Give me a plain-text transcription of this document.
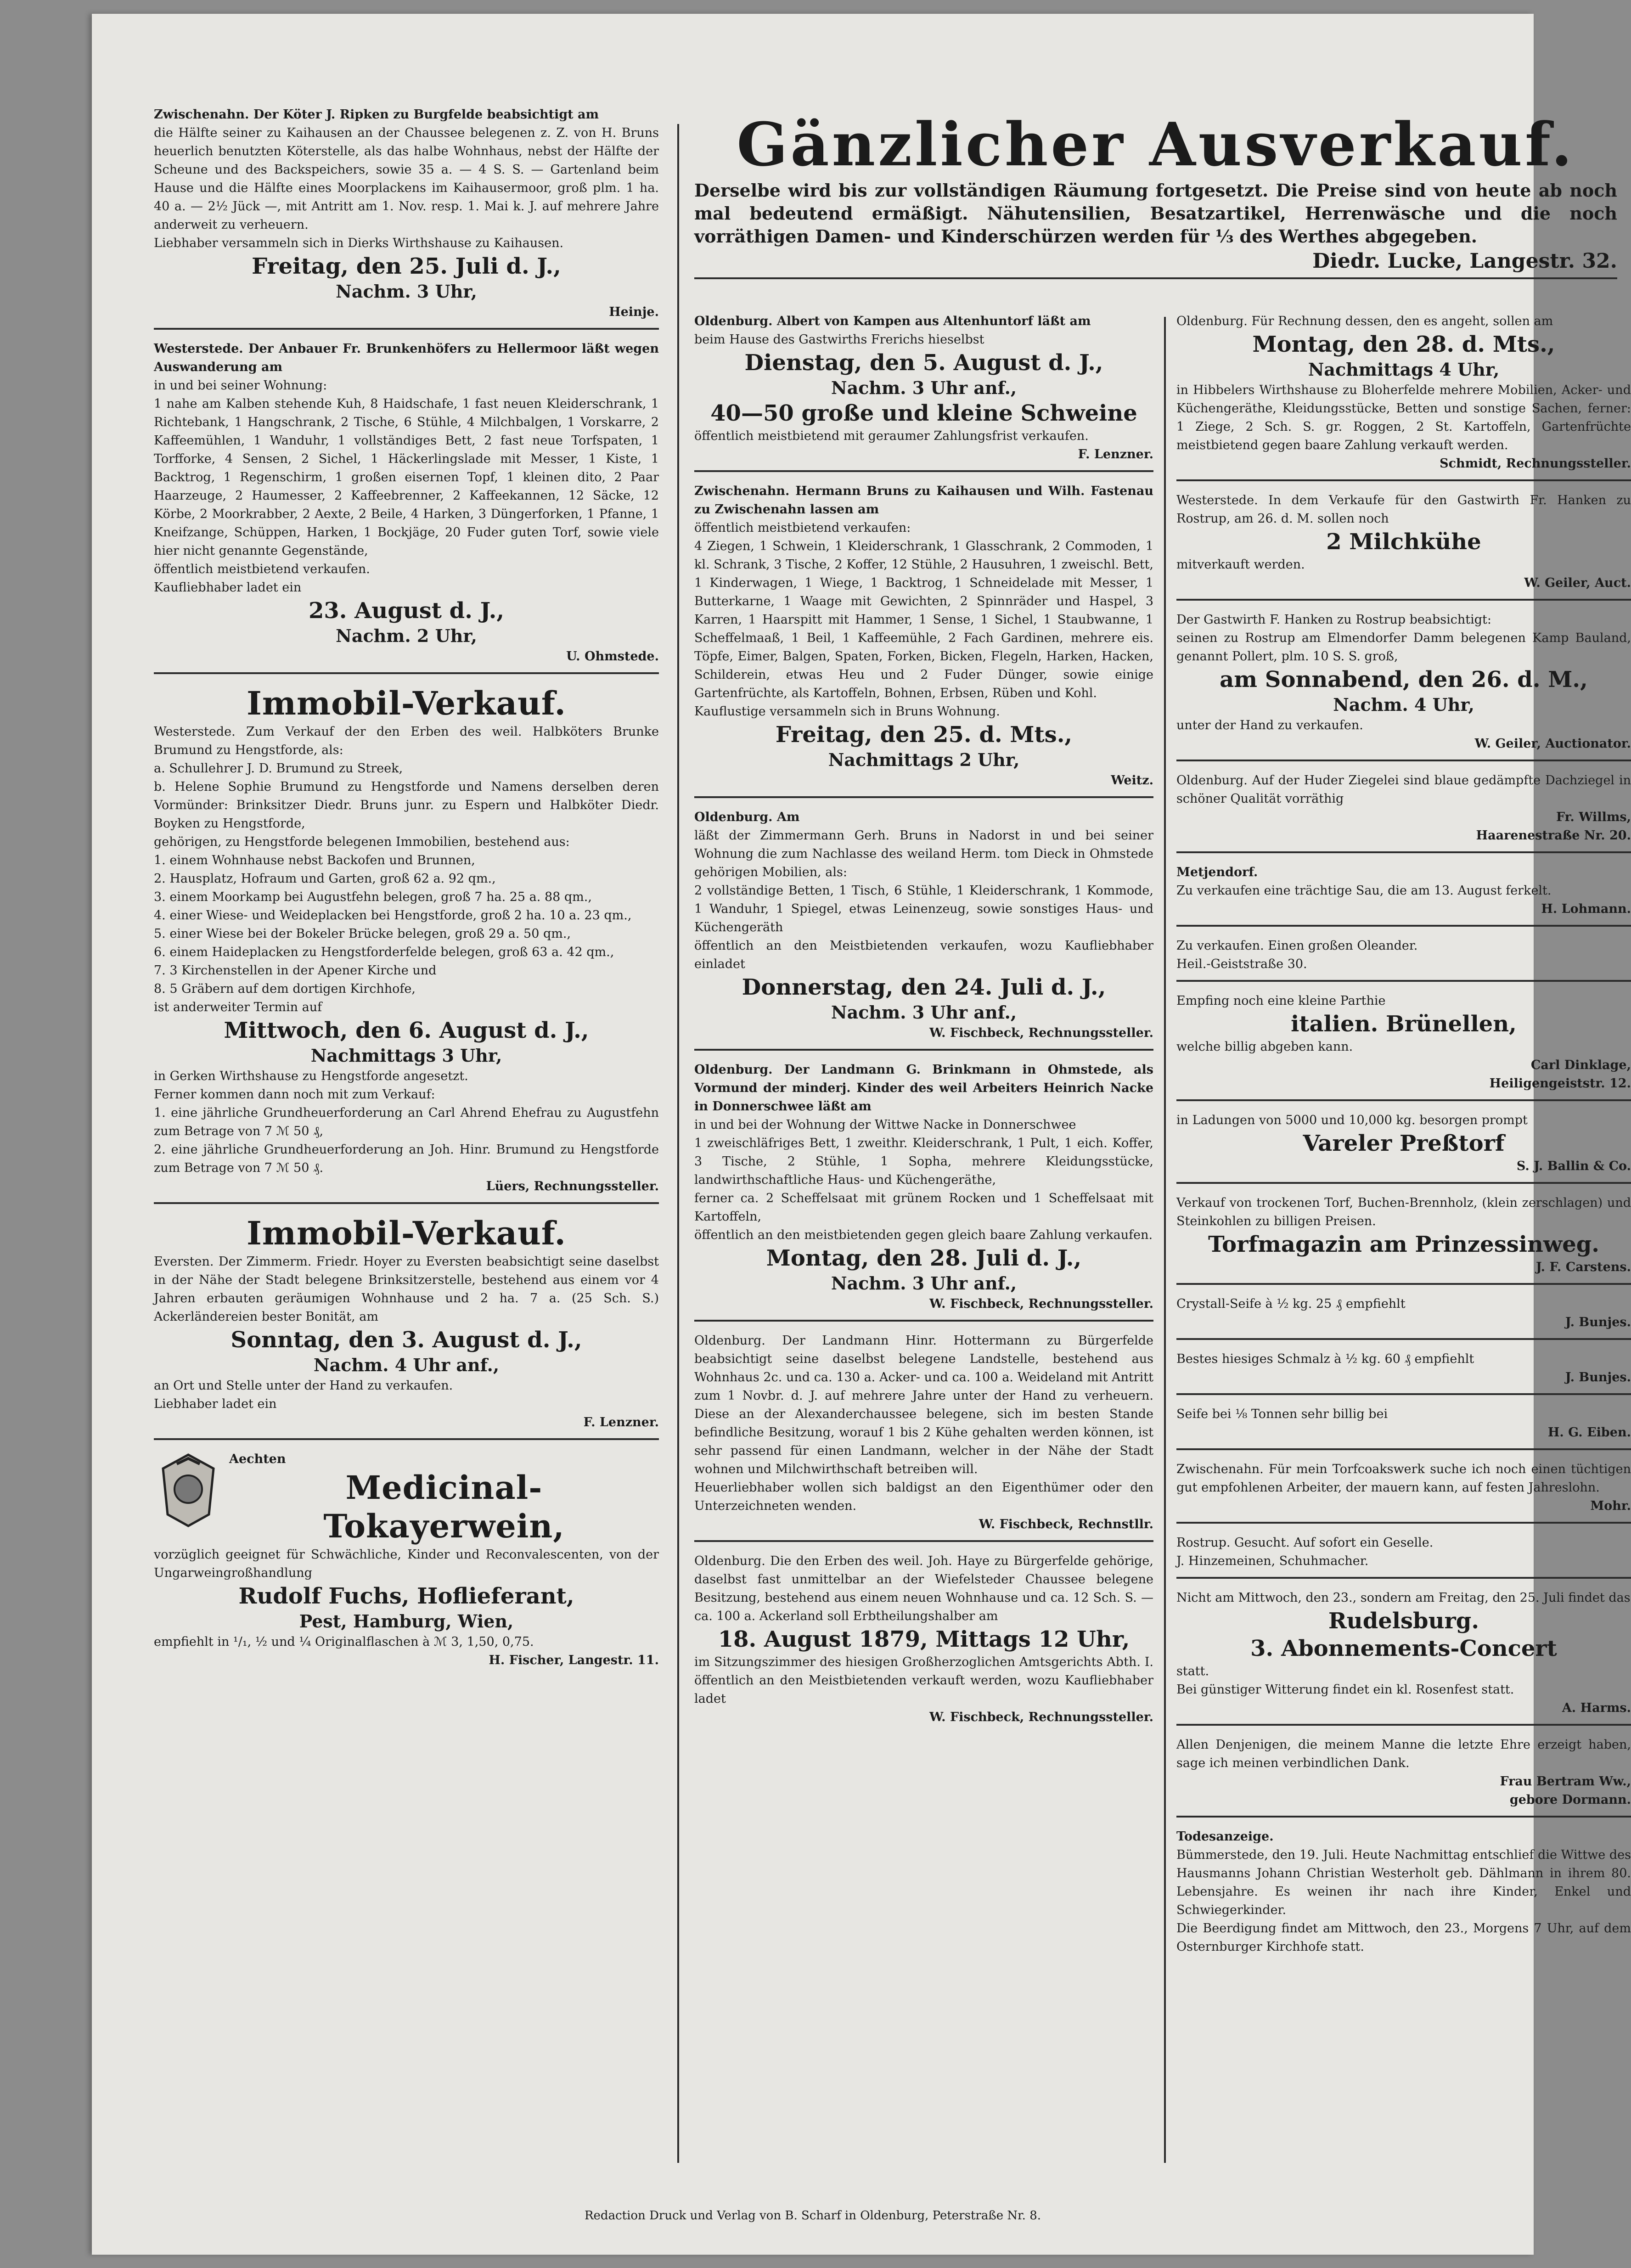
Gänzlicher Ausverkauf.

Derselbe wird bis zur vollständigen Räumung fortgesetzt. Die Preise sind von heute ab noch mal bedeutend ermäßigt. Nähutensilien, Besatzartikel, Herrenwäsche und die noch vorräthigen Damen- und Kinderschürzen werden für ⅓ des Werthes abgegeben.

Diedr. Lucke, Langestr. 32.

Zwischenahn. Der Köter J. Ripken zu Burgfelde beabsichtigt am

die Hälfte seiner zu Kaihausen an der Chaussee belegenen z. Z. von H. Bruns heuerlich benutzten Köterstelle, als das halbe Wohnhaus, nebst der Hälfte der Scheune und des Backspeichers, sowie 35 a. — 4 S. S. — Gartenland beim Hause und die Hälfte eines Moorplackens im Kaihausermoor, groß plm. 1 ha. 40 a. — 2½ Jück —, mit Antritt am 1. Nov. resp. 1. Mai k. J. auf mehrere Jahre anderweit zu verheuern.
Liebhaber versammeln sich in Dierks Wirthshause zu Kaihausen.

Freitag, den 25. Juli d. J.,

Nachm. 3 Uhr,

Heinje.

Westerstede. Der Anbauer Fr. Brunkenhöfers zu Hellermoor läßt wegen Auswanderung am

in und bei seiner Wohnung:
1 nahe am Kalben stehende Kuh, 8 Haidschafe, 1 fast neuen Kleiderschrank, 1 Richtebank, 1 Hangschrank, 2 Tische, 6 Stühle, 4 Milchbalgen, 1 Vorskarre, 2 Kaffeemühlen, 1 Wanduhr, 1 vollständiges Bett, 2 fast neue Torfspaten, 1 Torfforke, 4 Sensen, 2 Sichel, 1 Häckerlingslade mit Messer, 1 Kiste, 1 Backtrog, 1 Regenschirm, 1 großen eisernen Topf, 1 kleinen dito, 2 Paar Haarzeuge, 2 Haumesser, 2 Kaffeebrenner, 2 Kaffeekannen, 12 Säcke, 12 Körbe, 2 Moorkrabber, 2 Aexte, 2 Beile, 4 Harken, 3 Düngerforken, 1 Pfanne, 1 Kneifzange, Schüppen, Harken, 1 Bockjäge, 20 Fuder guten Torf, sowie viele hier nicht genannte Gegenstände,
öffentlich meistbietend verkaufen.
Kaufliebhaber ladet ein

23. August d. J.,

Nachm. 2 Uhr,

U. Ohmstede.

Immobil-Verkauf.

Westerstede. Zum Verkauf der den Erben des weil. Halbköters Brunke Brumund zu Hengstforde, als:
a. Schullehrer J. D. Brumund zu Streek,
b. Helene Sophie Brumund zu Hengstforde und Namens derselben deren Vormünder: Brinksitzer Diedr. Bruns junr. zu Espern und Halbköter Diedr. Boyken zu Hengstforde,
gehörigen, zu Hengstforde belegenen Immobilien, bestehend aus:
1. einem Wohnhause nebst Backofen und Brunnen,
2. Hausplatz, Hofraum und Garten, groß 62 a. 92 qm.,
3. einem Moorkamp bei Augustfehn belegen, groß 7 ha. 25 a. 88 qm.,
4. einer Wiese- und Weideplacken bei Hengstforde, groß 2 ha. 10 a. 23 qm.,
5. einer Wiese bei der Bokeler Brücke belegen, groß 29 a. 50 qm.,
6. einem Haideplacken zu Hengstforderfelde belegen, groß 63 a. 42 qm.,
7. 3 Kirchenstellen in der Apener Kirche und
8. 5 Gräbern auf dem dortigen Kirchhofe,
ist anderweiter Termin auf

Mittwoch, den 6. August d. J.,

Nachmittags 3 Uhr,

in Gerken Wirthshause zu Hengstforde angesetzt.
Ferner kommen dann noch mit zum Verkauf:
1. eine jährliche Grundheuerforderung an Carl Ahrend Ehefrau zu Augustfehn zum Betrage von 7 ℳ 50 ₰,
2. eine jährliche Grundheuerforderung an Joh. Hinr. Brumund zu Hengstforde zum Betrage von 7 ℳ 50 ₰.

Lüers, Rechnungssteller.

Immobil-Verkauf.

Eversten. Der Zimmerm. Friedr. Hoyer zu Eversten beabsichtigt seine daselbst in der Nähe der Stadt belegene Brinksitzerstelle, bestehend aus einem vor 4 Jahren erbauten geräumigen Wohnhause und 2 ha. 7 a. (25 Sch. S.) Ackerländereien bester Bonität, am

Sonntag, den 3. August d. J.,

Nachm. 4 Uhr anf.,

an Ort und Stelle unter der Hand zu verkaufen.
Liebhaber ladet ein

F. Lenzner.

Aechten

Medicinal-Tokayerwein,

vorzüglich geeignet für Schwächliche, Kinder und Reconvalescenten, von der Ungarweingroßhandlung

Rudolf Fuchs, Hoflieferant,

Pest, Hamburg, Wien,

empfiehlt in ¹/₁, ½ und ¼ Originalflaschen à ℳ 3, 1,50, 0,75.

H. Fischer, Langestr. 11.

Oldenburg. Albert von Kampen aus Altenhuntorf läßt am

beim Hause des Gastwirths Frerichs hieselbst

Dienstag, den 5. August d. J.,

Nachm. 3 Uhr anf.,

40—50 große und kleine Schweine

öffentlich meistbietend mit geraumer Zahlungsfrist verkaufen.

F. Lenzner.

Zwischenahn. Hermann Bruns zu Kaihausen und Wilh. Fastenau zu Zwischenahn lassen am

öffentlich meistbietend verkaufen:
4 Ziegen, 1 Schwein, 1 Kleiderschrank, 1 Glasschrank, 2 Commoden, 1 kl. Schrank, 3 Tische, 2 Koffer, 12 Stühle, 2 Hausuhren, 1 zweischl. Bett, 1 Kinderwagen, 1 Wiege, 1 Backtrog, 1 Schneidelade mit Messer, 1 Butterkarne, 1 Waage mit Gewichten, 2 Spinnräder und Haspel, 3 Karren, 1 Haarspitt mit Hammer, 1 Sense, 1 Sichel, 1 Staubwanne, 1 Scheffelmaaß, 1 Beil, 1 Kaffeemühle, 2 Fach Gardinen, mehrere eis. Töpfe, Eimer, Balgen, Spaten, Forken, Bicken, Flegeln, Harken, Hacken, Schilderein, etwas Heu und 2 Fuder Dünger, sowie einige Gartenfrüchte, als Kartoffeln, Bohnen, Erbsen, Rüben und Kohl.
Kauflustige versammeln sich in Bruns Wohnung.

Freitag, den 25. d. Mts.,

Nachmittags 2 Uhr,

Weitz.

Oldenburg. Am

läßt der Zimmermann Gerh. Bruns in Nadorst in und bei seiner Wohnung die zum Nachlasse des weiland Herm. tom Dieck in Ohmstede gehörigen Mobilien, als:
2 vollständige Betten, 1 Tisch, 6 Stühle, 1 Kleiderschrank, 1 Kommode, 1 Wanduhr, 1 Spiegel, etwas Leinenzeug, sowie sonstiges Haus- und Küchengeräth
öffentlich an den Meistbietenden verkaufen, wozu Kaufliebhaber einladet

Donnerstag, den 24. Juli d. J.,

Nachm. 3 Uhr anf.,

W. Fischbeck, Rechnungssteller.

Oldenburg. Der Landmann G. Brinkmann in Ohmstede, als Vormund der minderj. Kinder des weil Arbeiters Heinrich Nacke in Donnerschwee läßt am

in und bei der Wohnung der Wittwe Nacke in Donnerschwee
1 zweischläfriges Bett, 1 zweithr. Kleiderschrank, 1 Pult, 1 eich. Koffer, 3 Tische, 2 Stühle, 1 Sopha, mehrere Kleidungsstücke, landwirthschaftliche Haus- und Küchengeräthe,
ferner ca. 2 Scheffelsaat mit grünem Rocken und 1 Scheffelsaat mit Kartoffeln,
öffentlich an den meistbietenden gegen gleich baare Zahlung verkaufen.

Montag, den 28. Juli d. J.,

Nachm. 3 Uhr anf.,

W. Fischbeck, Rechnungssteller.

Oldenburg. Der Landmann Hinr. Hottermann zu Bürgerfelde beabsichtigt seine daselbst belegene Landstelle, bestehend aus Wohnhaus 2c. und ca. 130 a. Acker- und ca. 100 a. Weideland mit Antritt zum 1 Novbr. d. J. auf mehrere Jahre unter der Hand zu verheuern. Diese an der Alexanderchaussee belegene, sich im besten Stande befindliche Besitzung, worauf 1 bis 2 Kühe gehalten werden können, ist sehr passend für einen Landmann, welcher in der Nähe der Stadt wohnen und Milchwirthschaft betreiben will.
Heuerliebhaber wollen sich baldigst an den Eigenthümer oder den Unterzeichneten wenden.

W. Fischbeck, Rechnstllr.

Oldenburg. Die den Erben des weil. Joh. Haye zu Bürgerfelde gehörige, daselbst fast unmittelbar an der Wiefelsteder Chaussee belegene Besitzung, bestehend aus einem neuen Wohnhause und ca. 12 Sch. S. — ca. 100 a. Ackerland soll Erbtheilungshalber am

18. August 1879, Mittags 12 Uhr,

im Sitzungszimmer des hiesigen Großherzoglichen Amtsgerichts Abth. I. öffentlich an den Meistbietenden verkauft werden, wozu Kaufliebhaber ladet

W. Fischbeck, Rechnungssteller.

Oldenburg. Für Rechnung dessen, den es angeht, sollen am

Montag, den 28. d. Mts.,

Nachmittags 4 Uhr,

in Hibbelers Wirthshause zu Bloherfelde mehrere Mobilien, Acker- und Küchengeräthe, Kleidungsstücke, Betten und sonstige Sachen, ferner: 1 Ziege, 2 Sch. S. gr. Roggen, 2 St. Kartoffeln, Gartenfrüchte meistbietend gegen baare Zahlung verkauft werden.

Schmidt, Rechnungssteller.

Westerstede. In dem Verkaufe für den Gastwirth Fr. Hanken zu Rostrup, am 26. d. M. sollen noch

2 Milchkühe

mitverkauft werden.

W. Geiler, Auct.

Der Gastwirth F. Hanken zu Rostrup beabsichtigt:
seinen zu Rostrup am Elmendorfer Damm belegenen Kamp Bauland, genannt Pollert, plm. 10 S. S. groß,

am Sonnabend, den 26. d. M.,

Nachm. 4 Uhr,

unter der Hand zu verkaufen.

W. Geiler, Auctionator.

Oldenburg. Auf der Huder Ziegelei sind blaue gedämpfte Dachziegel in schöner Qualität vorräthig

Fr. Willms,
Haarenestraße Nr. 20.

Metjendorf.

Zu verkaufen eine trächtige Sau, die am 13. August ferkelt.

H. Lohmann.

Zu verkaufen. Einen großen Oleander.
Heil.-Geiststraße 30.

Empfing noch eine kleine Parthie

italien. Brünellen,

welche billig abgeben kann.

Carl Dinklage,
Heiligengeiststr. 12.

in Ladungen von 5000 und 10,000 kg. besorgen prompt

Vareler Preßtorf

S. J. Ballin & Co.

Verkauf von trockenen Torf, Buchen-Brennholz, (klein zerschlagen) und Steinkohlen zu billigen Preisen.

Torfmagazin am Prinzessinweg.

J. F. Carstens.

Crystall-Seife à ½ kg. 25 ₰ empfiehlt

J. Bunjes.

Bestes hiesiges Schmalz à ½ kg. 60 ₰ empfiehlt

J. Bunjes.

Seife bei ⅛ Tonnen sehr billig bei

H. G. Eiben.

Zwischenahn. Für mein Torfcoakswerk suche ich noch einen tüchtigen gut empfohlenen Arbeiter, der mauern kann, auf festen Jahreslohn.

Mohr.

Rostrup. Gesucht. Auf sofort ein Geselle.
J. Hinzemeinen, Schuhmacher.

Nicht am Mittwoch, den 23., sondern am Freitag, den 25. Juli findet das

Rudelsburg.

3. Abonnements-Concert

statt.
Bei günstiger Witterung findet ein kl. Rosenfest statt.

A. Harms.

Allen Denjenigen, die meinem Manne die letzte Ehre erzeigt haben, sage ich meinen verbindlichen Dank.

Frau Bertram Ww.,
gebore Dormann.

Todesanzeige.

Bümmerstede, den 19. Juli. Heute Nachmittag entschlief die Wittwe des Hausmanns Johann Christian Westerholt geb. Dählmann in ihrem 80. Lebensjahre. Es weinen ihr nach ihre Kinder, Enkel und Schwiegerkinder.
Die Beerdigung findet am Mittwoch, den 23., Morgens 7 Uhr, auf dem Osternburger Kirchhofe statt.

Redaction Druck und Verlag von B. Scharf in Oldenburg, Peterstraße Nr. 8.
